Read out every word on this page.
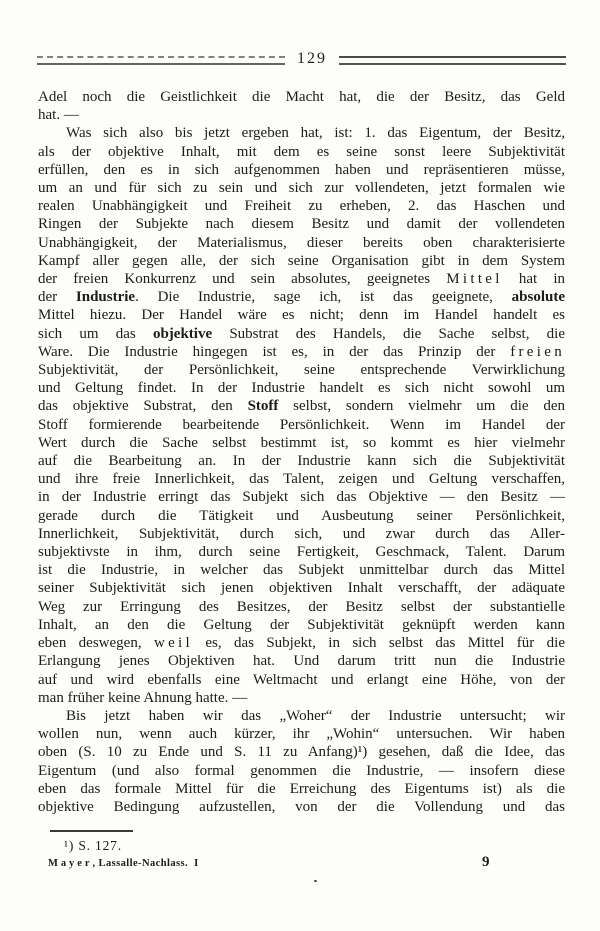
129
Adel noch die Geistlichkeit die Macht hat, die der Besitz, das Geld
hat. —
Was sich also bis jetzt ergeben hat, ist: 1. das Eigentum, der Besitz,
als der objektive Inhalt, mit dem es seine sonst leere Subjektivität
erfüllen, den es in sich aufgenommen haben und repräsentieren müsse,
um an und für sich zu sein und sich zur vollendeten, jetzt formalen wie
realen Unabhängigkeit und Freiheit zu erheben, 2. das Haschen und
Ringen der Subjekte nach diesem Besitz und damit der vollendeten
Unabhängigkeit, der Materialismus, dieser bereits oben charakterisierte
Kampf aller gegen alle, der sich seine Organisation gibt in dem System
der freien Konkurrenz und sein absolutes, geeignetes Mittel hat in
der Industrie. Die Industrie, sage ich, ist das geeignete, absolute
Mittel hiezu. Der Handel wäre es nicht; denn im Handel handelt es
sich um das objektive Substrat des Handels, die Sache selbst, die
Ware. Die Industrie hingegen ist es, in der das Prinzip der freien
Subjektivität, der Persönlichkeit, seine entsprechende Verwirklichung
und Geltung findet. In der Industrie handelt es sich nicht sowohl um
das objektive Substrat, den Stoff selbst, sondern vielmehr um die den
Stoff formierende bearbeitende Persönlichkeit. Wenn im Handel der
Wert durch die Sache selbst bestimmt ist, so kommt es hier vielmehr
auf die Bearbeitung an. In der Industrie kann sich die Subjektivität
und ihre freie Innerlichkeit, das Talent, zeigen und Geltung verschaffen,
in der Industrie erringt das Subjekt sich das Objektive — den Besitz —
gerade durch die Tätigkeit und Ausbeutung seiner Persönlichkeit,
Innerlichkeit, Subjektivität, durch sich, und zwar durch das Aller-
subjektivste in ihm, durch seine Fertigkeit, Geschmack, Talent. Darum
ist die Industrie, in welcher das Subjekt unmittelbar durch das Mittel
seiner Subjektivität sich jenen objektiven Inhalt verschafft, der adäquate
Weg zur Erringung des Besitzes, der Besitz selbst der substantielle
Inhalt, an den die Geltung der Subjektivität geknüpft werden kann
eben deswegen, weil es, das Subjekt, in sich selbst das Mittel für die
Erlangung jenes Objektiven hat. Und darum tritt nun die Industrie
auf und wird ebenfalls eine Weltmacht und erlangt eine Höhe, von der
man früher keine Ahnung hatte. —
Bis jetzt haben wir das „Woher“ der Industrie untersucht; wir
wollen nun, wenn auch kürzer, ihr „Wohin“ untersuchen. Wir haben
oben (S. 10 zu Ende und S. 11 zu Anfang)¹) gesehen, daß die Idee, das
Eigentum (und also formal genommen die Industrie, — insofern diese
eben das formale Mittel für die Erreichung des Eigentums ist) als die
objektive Bedingung aufzustellen, von der die Vollendung und das
¹) S. 127.
Mayer, Lassalle-Nachlass.  I	9
